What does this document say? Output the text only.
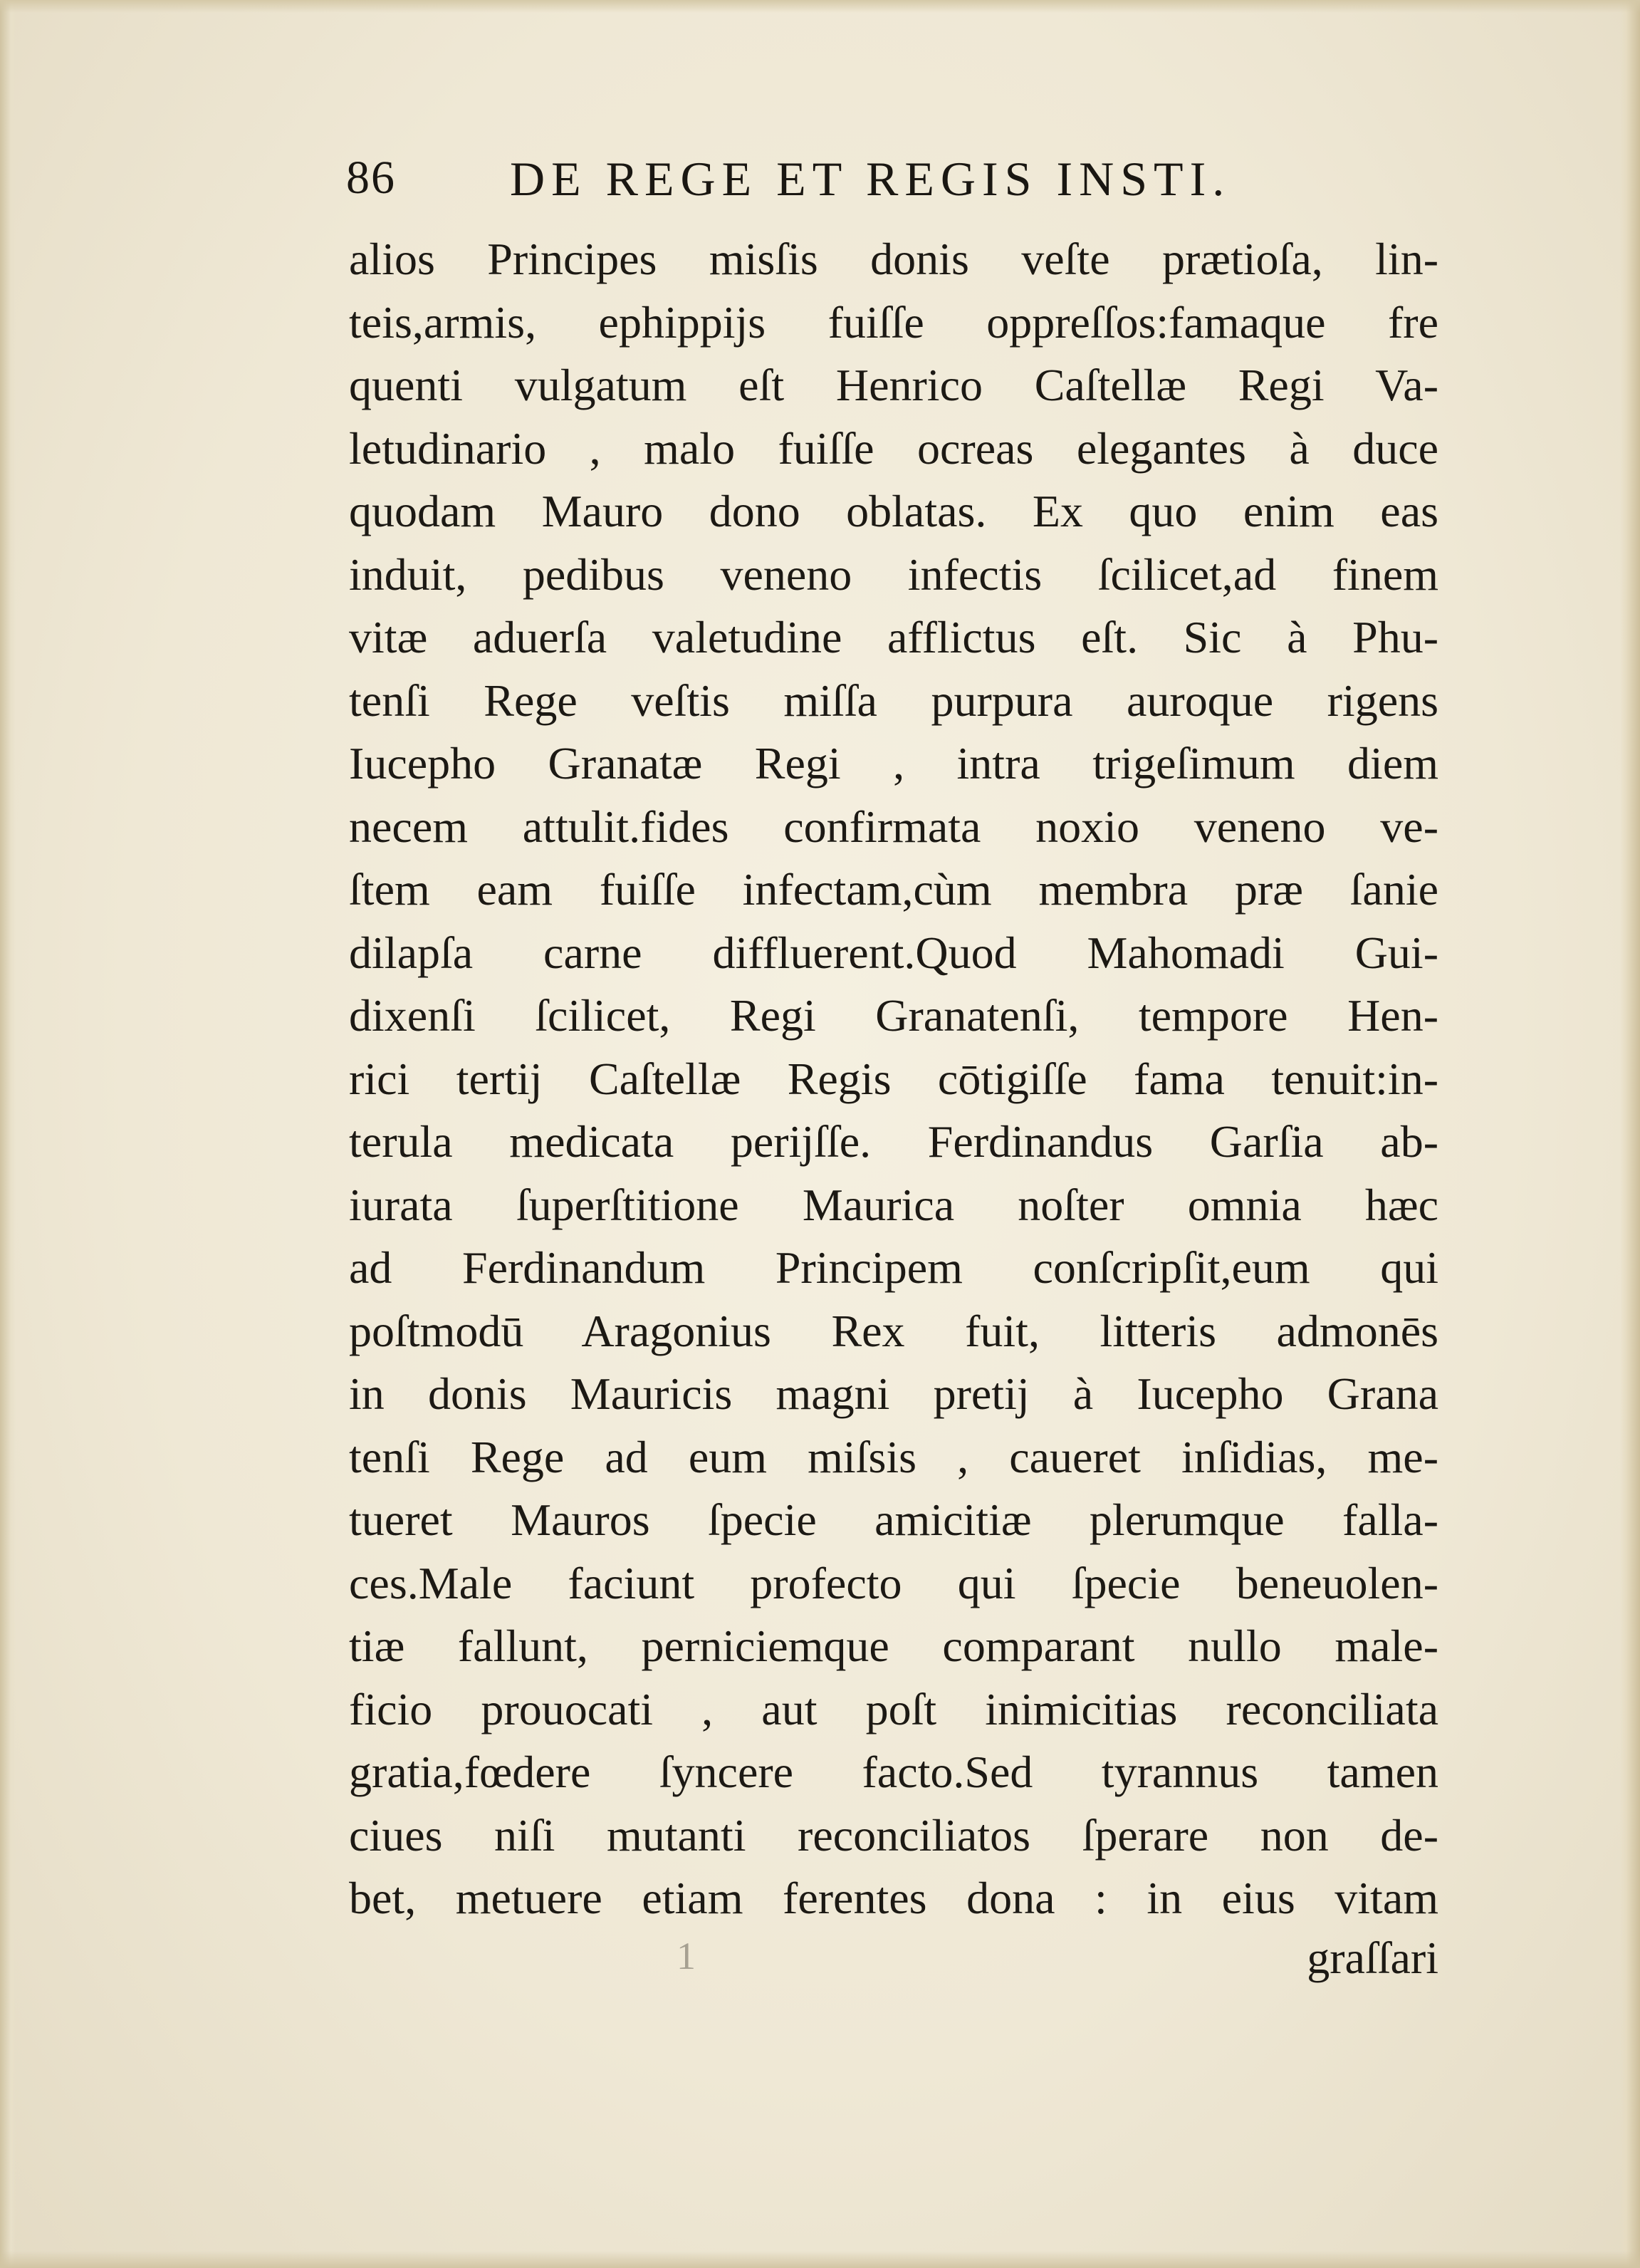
86 DE REGE ET REGIS INSTI.
alios Principes misſis donis veſte prætioſa, lin-
teis,armis, ephippijs fuiſſe oppreſſos:famaque fre
quenti vulgatum eſt Henrico Caſtellæ Regi Va-
letudinario , malo fuiſſe ocreas elegantes à duce
quodam Mauro dono oblatas. Ex quo enim eas
induit, pedibus veneno infectis ſcilicet,ad finem
vitæ aduerſa valetudine afflictus eſt. Sic à Phu-
tenſi Rege veſtis miſſa purpura auroque rigens
Iucepho Granatæ Regi , intra trigeſimum diem
necem attulit.fides confirmata noxio veneno ve-
ſtem eam fuiſſe infectam,cùm membra præ ſanie
dilapſa carne diffluerent.Quod Mahomadi Gui-
dixenſi ſcilicet, Regi Granatenſi, tempore Hen-
rici tertij Caſtellæ Regis cōtigiſſe fama tenuit:in-
terula medicata perijſſe. Ferdinandus Garſia ab-
iurata ſuperſtitione Maurica noſter omnia hæc
ad Ferdinandum Principem conſcripſit,eum qui
poſtmodū Aragonius Rex fuit, litteris admonēs
in donis Mauricis magni pretij à Iucepho Grana
tenſi Rege ad eum miſsis , caueret inſidias, me-
tueret Mauros ſpecie amicitiæ plerumque falla-
ces.Male faciunt profecto qui ſpecie beneuolen-
tiæ fallunt, perniciemque comparant nullo male-
ficio prouocati , aut poſt inimicitias reconciliata
gratia,fœdere ſyncere facto.Sed tyrannus tamen
ciues niſi mutanti reconciliatos ſperare non de-
bet, metuere etiam ferentes dona : in eius vitam
1	graſſari
